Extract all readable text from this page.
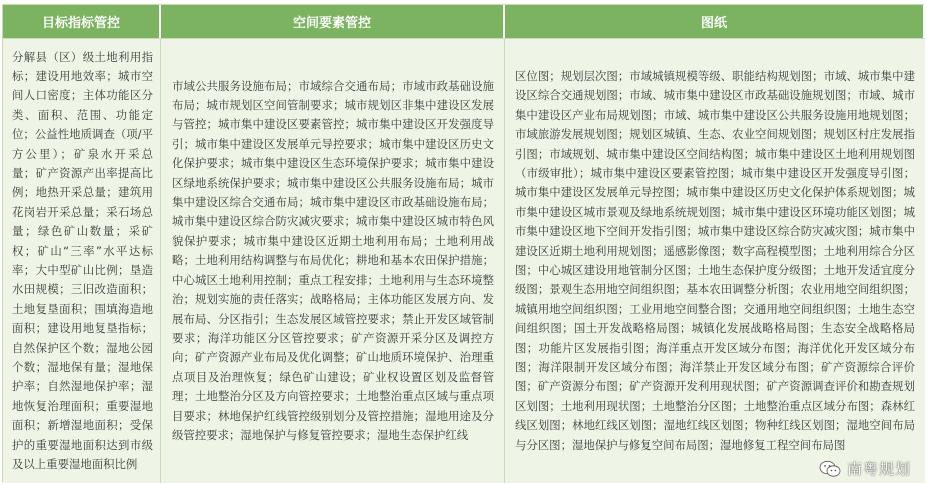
目标指标管控	空间要素管控	图纸
分解县（区）级土地利用指标；建设用地效率；城市空间人口密度；主体功能区分类、面积、范围、功能定位；公益性地质调查（项/平方公里）；矿泉水开采总量；矿产资源产出率提高比例；地热开采总量；建筑用花岗岩开采总量；采石场总量；绿色矿山数量；采矿权；矿山“三率”水平达标率；大中型矿山比例；垦造水田规模；三旧改造面积；土地复垦面积；围填海造地面积；建设用地复垦指标；自然保护区个数；湿地公园个数；湿地保有量；湿地保护率；自然湿地保护率；湿地恢复治理面积；重要湿地面积；新增湿地面积；受保护的重要湿地面积达到市级及以上重要湿地面积比例
市域公共服务设施布局；市域综合交通布局；市域市政基础设施布局；城市规划区空间管制要求；城市规划区非集中建设区发展与管控；城市集中建设区要素管控；城市集中建设区开发强度导引；城市集中建设区发展单元导控要求；城市集中建设区历史文化保护要求；城市集中建设区生态环境保护要求；城市集中建设区绿地系统保护要求；城市集中建设区公共服务设施布局；城市集中建设区综合交通布局；城市集中建设区市政基础设施布局；城市集中建设区综合防灾减灾要求；城市集中建设区城市特色风貌保护要求；城市集中建设区近期土地利用布局；土地利用战略；土地利用结构调整与布局优化；耕地和基本农田保护措施；中心城区土地利用控制；重点工程安排；土地利用与生态环境整治；规划实施的责任落实；战略格局；主体功能区发展方向、发展布局、分区指引；生态发展区域管控要求；禁止开发区域管制要求；海洋功能区分区管控要求；矿产资源开采分区及调控方向；矿产资源产业布局及优化调整；矿山地质环境保护、治理重点项目及治理恢复；绿色矿山建设；矿业权设置区划及监督管理；土地整治分区及方向管控要求；土地整治重点区域与重点项目要求；林地保护红线管控级别划分及管控措施；湿地用途及分级管控要求；湿地保护与修复管控要求；湿地生态保护红线
区位图；规划层次图；市域城镇规模等级、职能结构规划图；市域、城市集中建设区综合交通规划图；市域、城市集中建设区市政基础设施规划图；市域、城市集中建设区产业布局规划图；市域、城市集中建设区公共服务设施用地规划图；市域旅游发展规划图；规划区城镇、生态、农业空间规划图；规划区村庄发展指引图；市域规划、城市集中建设区空间结构图；城市集中建设区土地利用规划图（市级审批）；城市集中建设区要素管控图；城市集中建设区开发强度导引图；城市集中建设区发展单元导控图；城市集中建设区历史文化保护体系规划图；城市集中建设区城市景观及绿地系统规划图；城市集中建设区环境功能区划图；城市集中建设区地下空间开发指引图；城市集中建设区综合防灾减灾图；城市集中建设区近期土地利用规划图；遥感影像图；数字高程模型图；土地利用综合分区图；中心城区建设用地管制分区图；土地生态保护度分级图；土地开发适宜度分级图；景观生态用地空间组织图；基本农田调整分析图；农业用地空间组织图；城镇用地空间组织图；工业用地空间整合图；交通用地空间组织图；土地生态空间组织图；国土开发战略格局图；城镇化发展战略格局图；生态安全战略格局图；功能片区发展指引图；海洋重点开发区域分布图；海洋优化开发区域分布图；海洋限制开发区域分布图；海洋禁止开发区域分布图；矿产资源综合评价图；矿产资源分布图；矿产资源开发利用现状图；矿产资源调查评价和勘查规划区划图；土地利用现状图；土地整治分区图；土地整治重点区域分布图；森林红线区划图；林地红线区划图；湿地红线区划图；物种红线区划图；湿地空间布局与分区图；湿地保护与修复空间布局图；湿地修复工程空间布局图
南粤规划
